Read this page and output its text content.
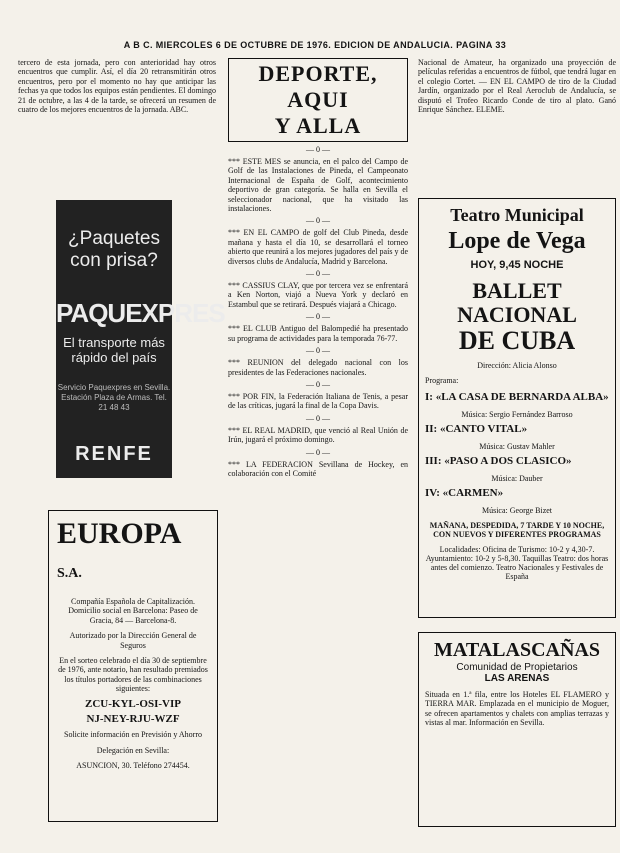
A B C. MIERCOLES 6 DE OCTUBRE DE 1976. EDICION DE ANDALUCIA. PAGINA 33

tercero de esta jornada, pero con anterioridad hay otros encuentros que cumplir. Así, el día 20 retransmitirán otros encuentros, pero por el momento no hay que anticipar las fechas ya que todos los equipos están pendientes. El domingo 21 de octubre, a las 4 de la tarde, se ofrecerá un resumen de cuatro de los mejores encuentros de la jornada. ABC.

¿Paquetes con prisa?
PAQUEXPRES
El transporte más rápido del país
Servicio Paquexpres en Sevilla. Estación Plaza de Armas. Tel. 21 48 43
RENFE
EUROPA S.A.

Compañía Española de Capitalización. Domicilio social en Barcelona: Paseo de Gracia, 84 — Barcelona-8.

Autorizado por la Dirección General de Seguros

En el sorteo celebrado el día 30 de septiembre de 1976, ante notario, han resultado premiados los títulos portadores de las combinaciones siguientes:

ZCU-KYL-OSI-VIP

NJ-NEY-RJU-WZF

Solicite información en Previsión y Ahorro

Delegación en Sevilla:

ASUNCION, 30. Teléfono 274454.

DEPORTE, AQUI
Y ALLA
— 0 —

*** ESTE MES se anuncia, en el palco del Campo de Golf de las Instalaciones de Pineda, el Campeonato Internacional de España de Golf, acontecimiento deportivo de gran categoría. Se halla en Sevilla el seleccionador nacional, que ha visitado las instalaciones.

— 0 —

*** EN EL CAMPO de golf del Club Pineda, desde mañana y hasta el día 10, se desarrollará el torneo abierto que reunirá a los mejores jugadores del país y de diversos clubs de Andalucía, Madrid y Barcelona.

— 0 —

*** CASSIUS CLAY, que por tercera vez se enfrentará a Ken Norton, viajó a Nueva York y declaró en Estambul que se retirará. Después viajará a Chicago.

— 0 —

*** EL CLUB Antiguo del Balompedié ha presentado su programa de actividades para la temporada 76-77.

— 0 —

*** REUNION del delegado nacional con los presidentes de las Federaciones nacionales.

— 0 —

*** POR FIN, la Federación Italiana de Tenis, a pesar de las críticas, jugará la final de la Copa Davis.

— 0 —

*** EL REAL MADRID, que venció al Real Unión de Irún, jugará el próximo domingo.

— 0 —

*** LA FEDERACION Sevillana de Hockey, en colaboración con el Comité

Nacional de Amateur, ha organizado una proyección de películas referidas a encuentros de fútbol, que tendrá lugar en el colegio Cortet. — EN EL CAMPO de tiro de la Ciudad Jardín, organizado por el Real Aeroclub de Andalucía, se disputó el Trofeo Ricardo Conde de tiro al plato. Ganó Enrique Sánchez. ELEME.

Teatro Municipal
Lope de Vega
HOY, 9,45 NOCHE
BALLET NACIONAL
DE CUBA
Dirección: Alicia Alonso
Programa:
I: «LA CASA DE BERNARDA ALBA»
Música: Sergio Fernández Barroso
II: «CANTO VITAL»
Música: Gustav Mahler
III: «PASO A DOS CLASICO»
Música: Dauber
IV: «CARMEN»
Música: George Bizet
MAÑANA, DESPEDIDA, 7 TARDE Y 10 NOCHE, CON NUEVOS Y DIFERENTES PROGRAMAS
Localidades: Oficina de Turismo: 10-2 y 4,30-7. Ayuntamiento: 10-2 y 5-8,30. Taquillas Teatro: dos horas antes del comienzo. Teatro Nacionales y Festivales de España
MATALASCAÑAS
Comunidad de Propietarios
LAS ARENAS

Situada en 1.ª fila, entre los Hoteles EL FLAMERO y TIERRA MAR. Emplazada en el municipio de Moguer, se ofrecen apartamentos y chalets con amplias terrazas y vistas al mar. Información en Sevilla.
